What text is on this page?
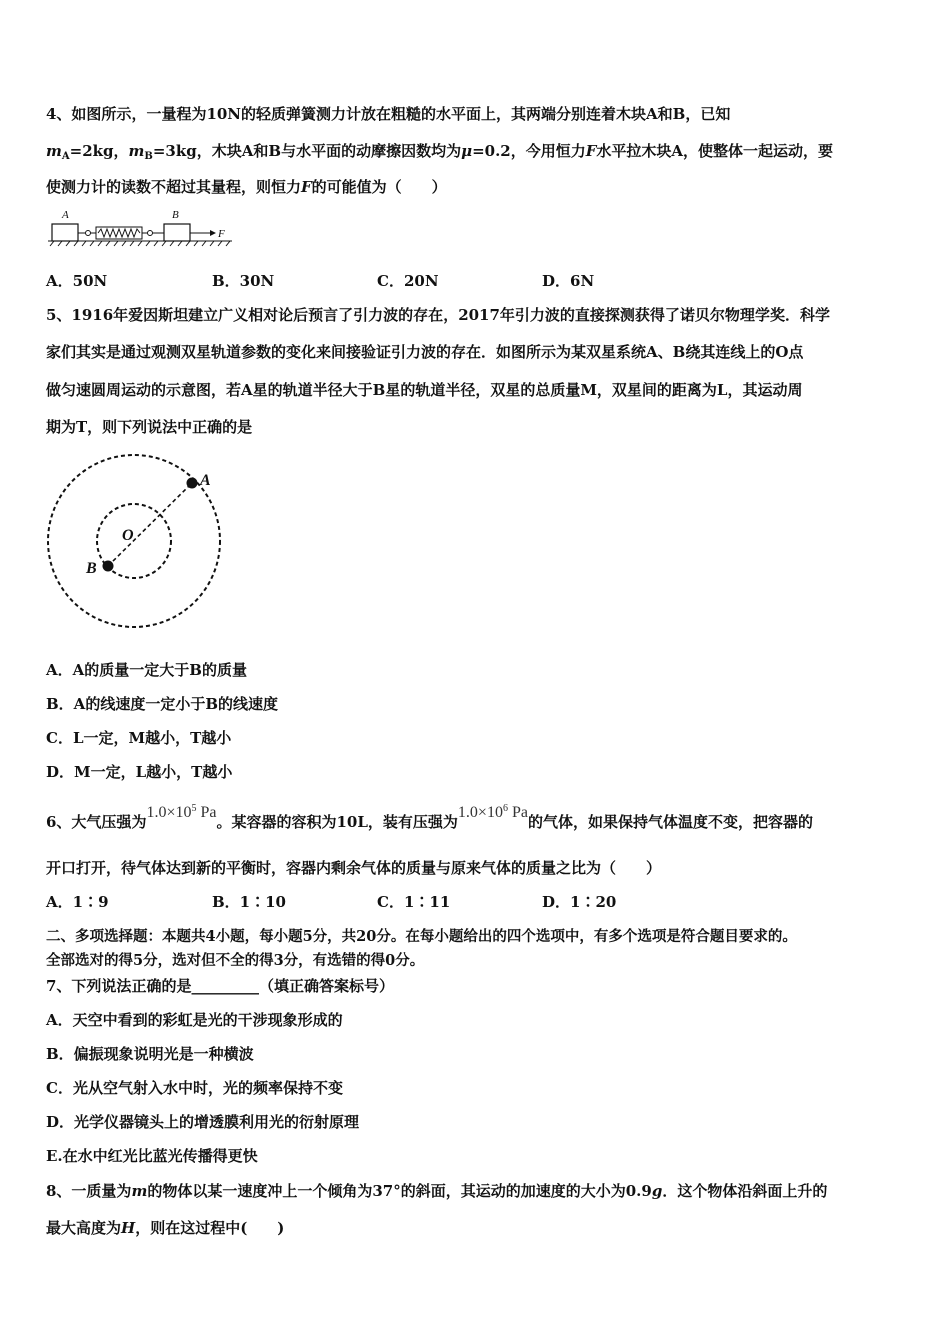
4、如图所示，一量程为10N的轻质弹簧测力计放在粗糙的水平面上，其两端分别连着木块A和B，已知
$m_A=2kg$，$m_B=3kg$，木块A和B与水平面的动摩擦因数均为μ=0.2，今用恒力F水平拉木块A，使整体一起运动，要
使测力计的读数不超过其量程，则恒力F的可能值为（　　）
A	B
F
A．50N	B．30N	C．20N	D．6N
5、1916年爱因斯坦建立广义相对论后预言了引力波的存在，2017年引力波的直接探测获得了诺贝尔物理学奖．科学
家们其实是通过观测双星轨道参数的变化来间接验证引力波的存在．如图所示为某双星系统A、B绕其连线上的O点
做匀速圆周运动的示意图，若A星的轨道半径大于B星的轨道半径，双星的总质量M，双星间的距离为L，其运动周
期为T，则下列说法中正确的是
A
B
O
A．A的质量一定大于B的质量
B．A的线速度一定小于B的线速度
C．L一定，M越小，T越小
D．M一定，L越小，T越小
6、大气压强为$1.0\times 10^5$ Pa。某容器的容积为10L，装有压强为$1.0\times 10^6$ Pa的气体，如果保持气体温度不变，把容器的
开口打开，待气体达到新的平衡时，容器内剩余气体的质量与原来气体的质量之比为（　　）
A．1∶9	B．1∶10	C．1∶11	D．1∶20
二、多项选择题：本题共4小题，每小题5分，共20分。在每小题给出的四个选项中，有多个选项是符合题目要求的。
全部选对的得5分，选对但不全的得3分，有选错的得0分。
7、下列说法正确的是_________（填正确答案标号）
A．天空中看到的彩虹是光的干涉现象形成的
B．偏振现象说明光是一种横波
C．光从空气射入水中时，光的频率保持不变
D．光学仪器镜头上的增透膜利用光的衍射原理
E.在水中红光比蓝光传播得更快
8、一质量为m的物体以某一速度冲上一个倾角为37°的斜面，其运动的加速度的大小为0.9g．这个物体沿斜面上升的
最大高度为H，则在这过程中(　　)
